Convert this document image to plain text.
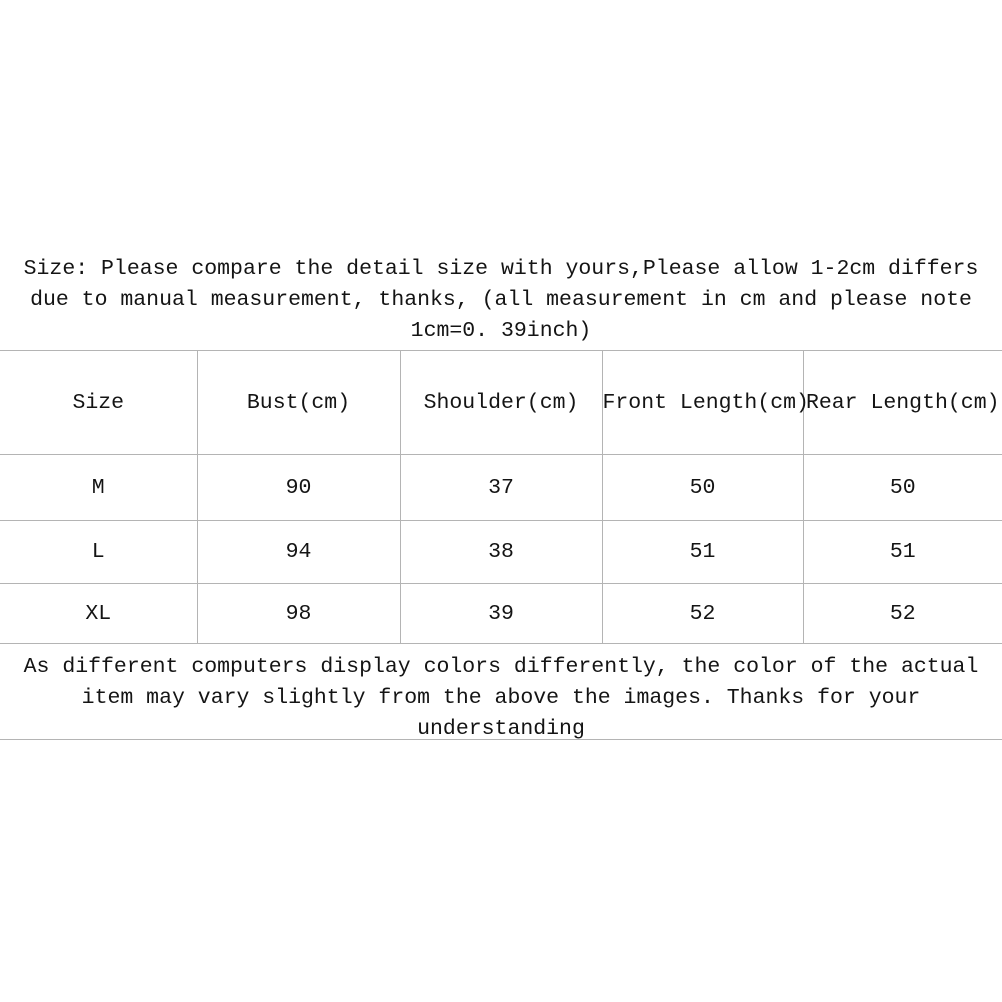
Size: Please compare the detail size with yours,Please allow 1-2cm differs
due to manual measurement, thanks, (all measurement in cm and please note
1cm=0. 39inch)
Size	Bust(cm)	Shoulder(cm)	Front Length(cm)	Rear Length(cm)
M	90	37	50	50
L	94	38	51	51
XL	98	39	52	52
As different computers display colors differently, the color of the actual
item may vary slightly from the above the images. Thanks for your
understanding
